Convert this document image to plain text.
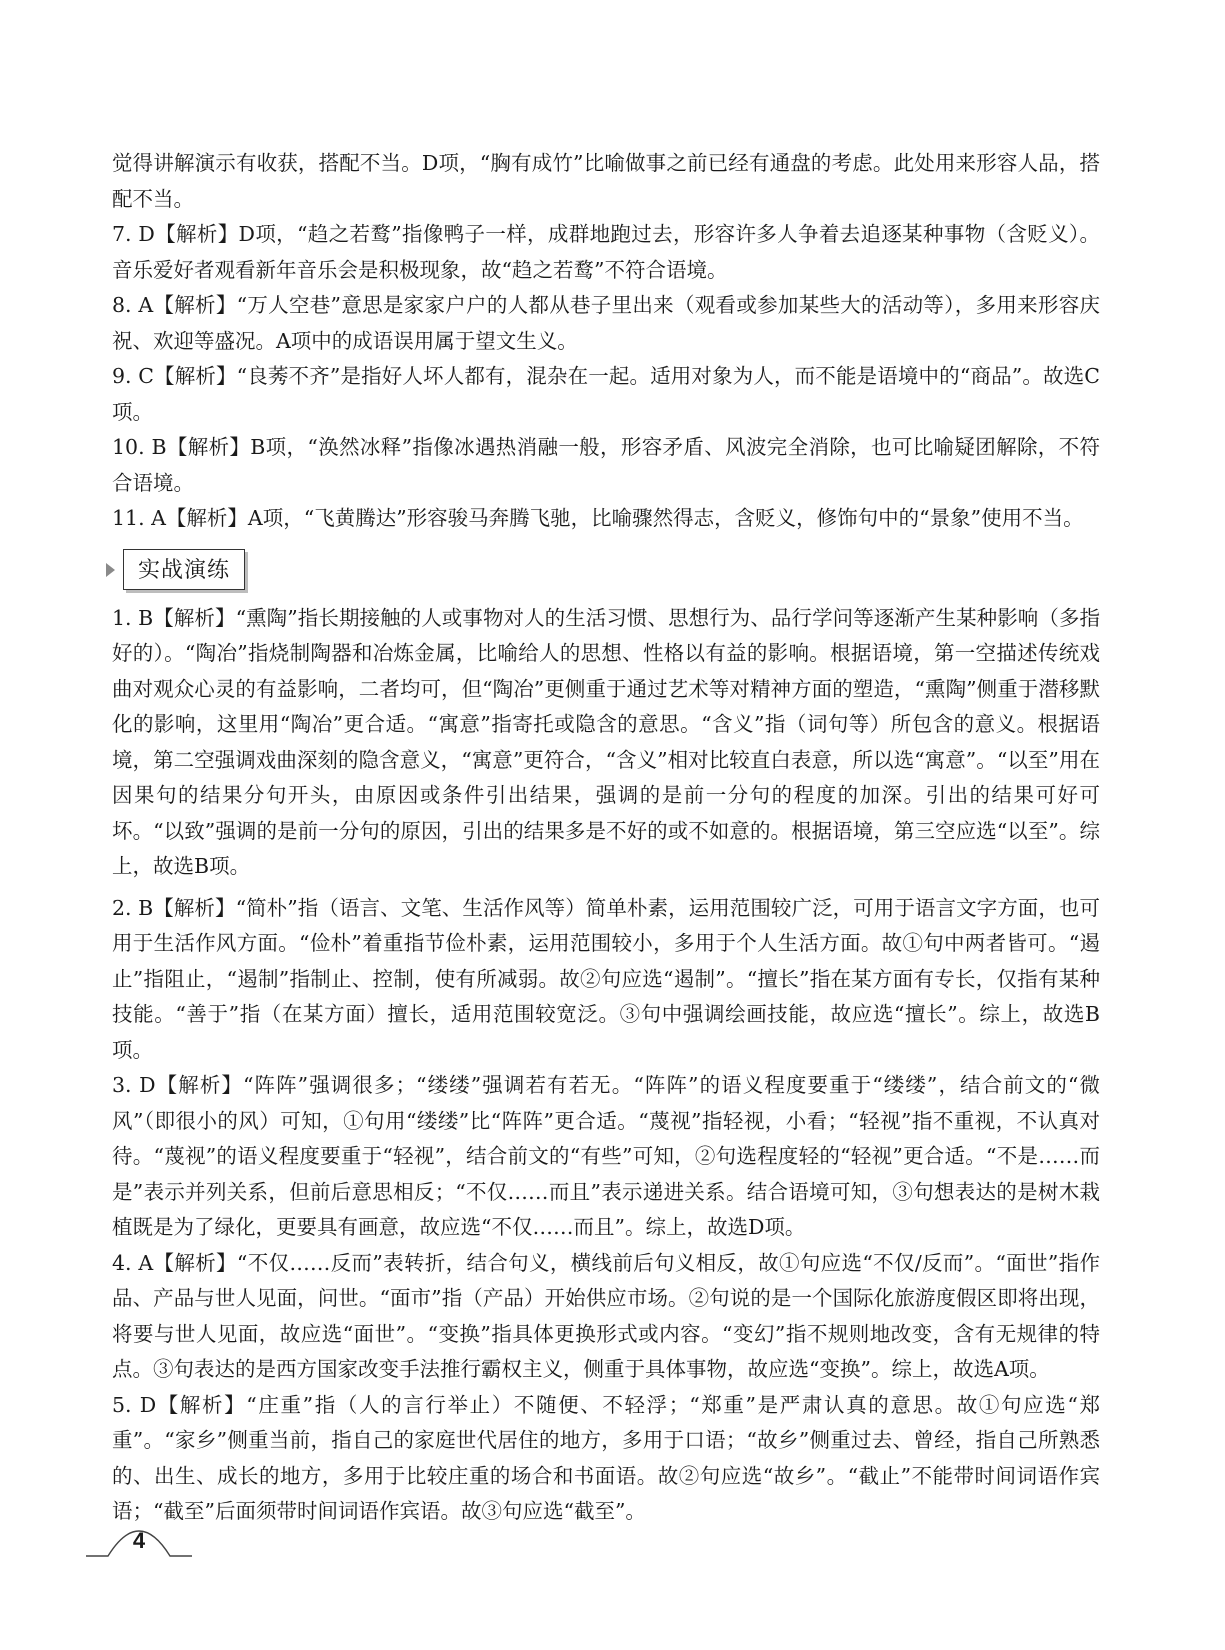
觉得讲解演示有收获，搭配不当。D项，“胸有成竹”比喻做事之前已经有通盘的考虑。此处用来形容人品，搭配不当。

7. D【解析】D项，“趋之若鹜”指像鸭子一样，成群地跑过去，形容许多人争着去追逐某种事物（含贬义）。音乐爱好者观看新年音乐会是积极现象，故“趋之若鹜”不符合语境。

8. A【解析】“万人空巷”意思是家家户户的人都从巷子里出来（观看或参加某些大的活动等），多用来形容庆祝、欢迎等盛况。A项中的成语误用属于望文生义。

9. C【解析】“良莠不齐”是指好人坏人都有，混杂在一起。适用对象为人，而不能是语境中的“商品”。故选C项。

10. B【解析】B项，“涣然冰释”指像冰遇热消融一般，形容矛盾、风波完全消除，也可比喻疑团解除，不符合语境。

11. A【解析】A项，“飞黄腾达”形容骏马奔腾飞驰，比喻骤然得志，含贬义，修饰句中的“景象”使用不当。

实战演练

1. B【解析】“熏陶”指长期接触的人或事物对人的生活习惯、思想行为、品行学问等逐渐产生某种影响（多指好的）。“陶冶”指烧制陶器和冶炼金属，比喻给人的思想、性格以有益的影响。根据语境，第一空描述传统戏曲对观众心灵的有益影响，二者均可，但“陶冶”更侧重于通过艺术等对精神方面的塑造，“熏陶”侧重于潜移默化的影响，这里用“陶冶”更合适。“寓意”指寄托或隐含的意思。“含义”指（词句等）所包含的意义。根据语境，第二空强调戏曲深刻的隐含意义，“寓意”更符合，“含义”相对比较直白表意，所以选“寓意”。“以至”用在因果句的结果分句开头，由原因或条件引出结果，强调的是前一分句的程度的加深。引出的结果可好可坏。“以致”强调的是前一分句的原因，引出的结果多是不好的或不如意的。根据语境，第三空应选“以至”。综上，故选B项。

2. B【解析】“简朴”指（语言、文笔、生活作风等）简单朴素，运用范围较广泛，可用于语言文字方面，也可用于生活作风方面。“俭朴”着重指节俭朴素，运用范围较小，多用于个人生活方面。故①句中两者皆可。“遏止”指阻止，“遏制”指制止、控制，使有所减弱。故②句应选“遏制”。“擅长”指在某方面有专长，仅指有某种技能。“善于”指（在某方面）擅长，适用范围较宽泛。③句中强调绘画技能，故应选“擅长”。综上，故选B项。

3. D【解析】“阵阵”强调很多；“缕缕”强调若有若无。“阵阵”的语义程度要重于“缕缕”，结合前文的“微风”（即很小的风）可知，①句用“缕缕”比“阵阵”更合适。“蔑视”指轻视，小看；“轻视”指不重视，不认真对待。“蔑视”的语义程度要重于“轻视”，结合前文的“有些”可知，②句选程度轻的“轻视”更合适。“不是……而是”表示并列关系，但前后意思相反；“不仅……而且”表示递进关系。结合语境可知，③句想表达的是树木栽植既是为了绿化，更要具有画意，故应选“不仅……而且”。综上，故选D项。

4. A【解析】“不仅……反而”表转折，结合句义，横线前后句义相反，故①句应选“不仅/反而”。“面世”指作品、产品与世人见面，问世。“面市”指（产品）开始供应市场。②句说的是一个国际化旅游度假区即将出现，将要与世人见面，故应选“面世”。“变换”指具体更换形式或内容。“变幻”指不规则地改变，含有无规律的特点。③句表达的是西方国家改变手法推行霸权主义，侧重于具体事物，故应选“变换”。综上，故选A项。

5. D【解析】“庄重”指（人的言行举止）不随便、不轻浮；“郑重”是严肃认真的意思。故①句应选“郑重”。“家乡”侧重当前，指自己的家庭世代居住的地方，多用于口语；“故乡”侧重过去、曾经，指自己所熟悉的、出生、成长的地方，多用于比较庄重的场合和书面语。故②句应选“故乡”。“截止”不能带时间词语作宾语；“截至”后面须带时间词语作宾语。故③句应选“截至”。

4
